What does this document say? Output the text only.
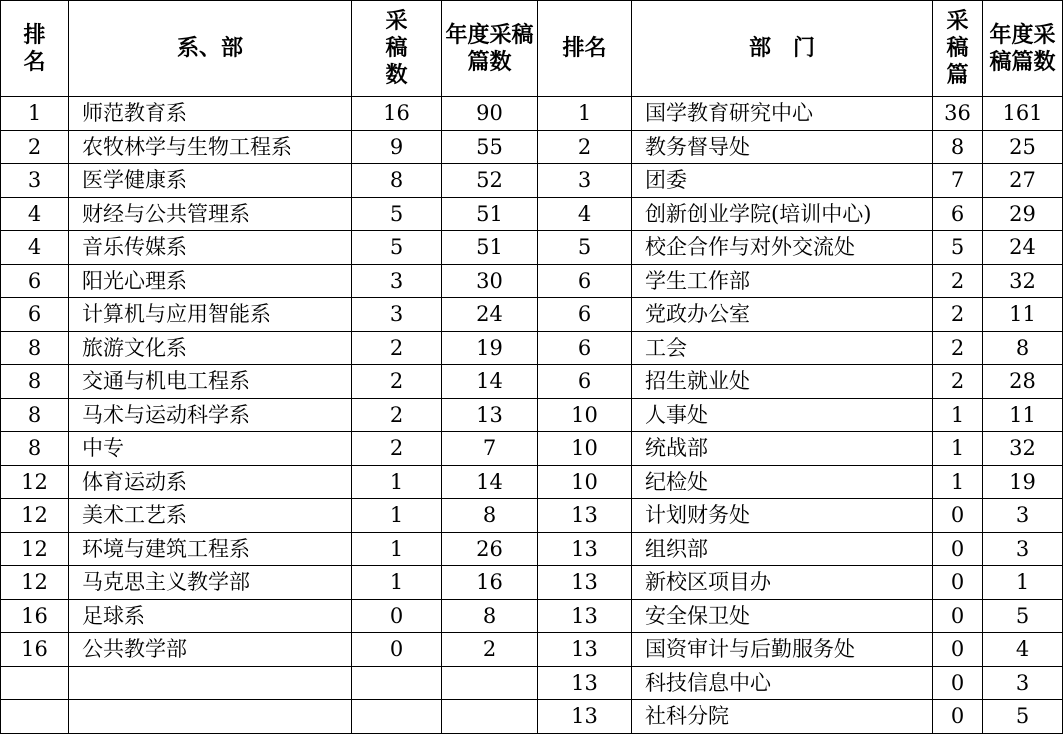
排名	系、部	采稿数	年度采稿篇数	排名	部　门	采稿篇	年度采稿篇数

1	师范教育系	16	90	1	国学教育研究中心	36	161
2	农牧林学与生物工程系	9	55	2	教务督导处	8	25
3	医学健康系	8	52	3	团委	7	27
4	财经与公共管理系	5	51	4	创新创业学院(培训中心)	6	29
4	音乐传媒系	5	51	5	校企合作与对外交流处	5	24
6	阳光心理系	3	30	6	学生工作部	2	32
6	计算机与应用智能系	3	24	6	党政办公室	2	11
8	旅游文化系	2	19	6	工会	2	8
8	交通与机电工程系	2	14	6	招生就业处	2	28
8	马术与运动科学系	2	13	10	人事处	1	11
8	中专	2	7	10	统战部	1	32
12	体育运动系	1	14	10	纪检处	1	19
12	美术工艺系	1	8	13	计划财务处	0	3
12	环境与建筑工程系	1	26	13	组织部	0	3
12	马克思主义教学部	1	16	13	新校区项目办	0	1
16	足球系	0	8	13	安全保卫处	0	5
16	公共教学部	0	2	13	国资审计与后勤服务处	0	4
				13	科技信息中心	0	3
				13	社科分院	0	5
